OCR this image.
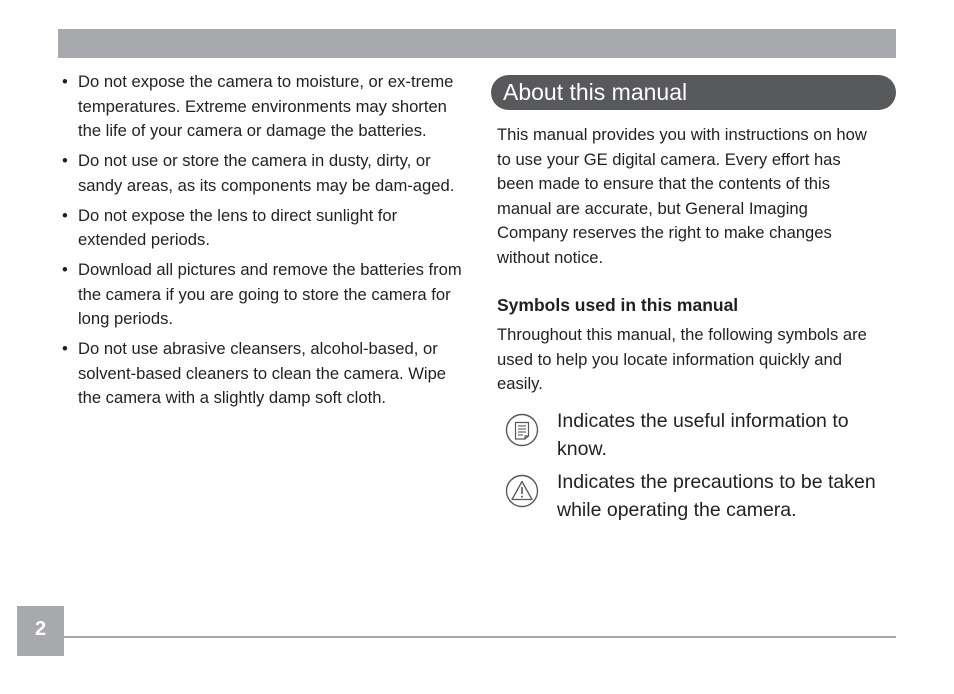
• Do not expose the camera to moisture, or ex-treme temperatures. Extreme environments may shorten the life of your camera or damage the batteries.
• Do not use or store the camera in dusty, dirty, or sandy areas, as its components may be dam-aged.
• Do not expose the lens to direct sunlight for extended periods.
• Download all pictures and remove the batteries from the camera if you are going to store the camera for long periods.
• Do not use abrasive cleansers, alcohol-based, or solvent-based cleaners to clean the camera. Wipe the camera with a slightly damp soft cloth.
About this manual
This manual provides you with instructions on how to use your GE digital camera. Every effort has been made to ensure that the contents of this manual are accurate, but General Imaging Company reserves the right to make changes without notice.
Symbols used in this manual
Throughout this manual, the following symbols are used to help you locate information quickly and easily.
Indicates the useful information to know.
Indicates the precautions to be taken while operating the camera.
2
